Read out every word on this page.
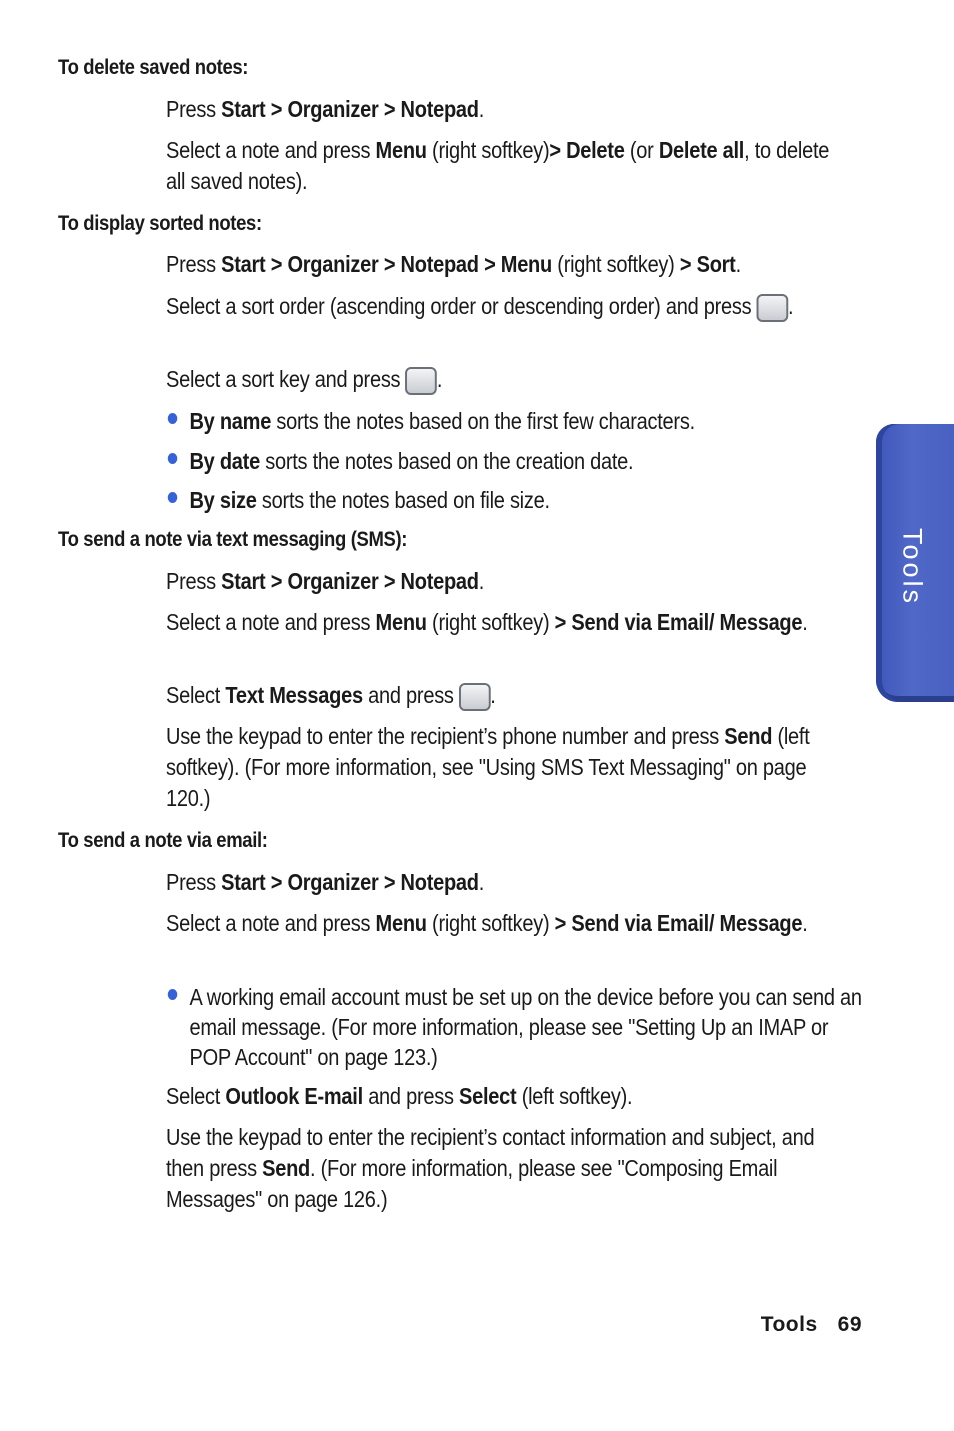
To delete saved notes:
Press Start > Organizer > Notepad.
Select a note and press Menu (right softkey)> Delete (or Delete all, to delete all saved notes).
To display sorted notes:
Press Start > Organizer > Notepad > Menu (right softkey) > Sort.
Select a sort order (ascending order or descending order) and press .
Select a sort key and press .
By name sorts the notes based on the first few characters.
By date sorts the notes based on the creation date.
By size sorts the notes based on file size.
To send a note via text messaging (SMS):
Press Start > Organizer > Notepad.
Select a note and press Menu (right softkey) > Send via Email/ Message.
Select Text Messages and press .
Use the keypad to enter the recipient’s phone number and press Send (left softkey). (For more information, see "Using SMS Text Messaging" on page 120.)
To send a note via email:
Press Start > Organizer > Notepad.
Select a note and press Menu (right softkey) > Send via Email/ Message.
A working email account must be set up on the device before you can send an email message. (For more information, please see "Setting Up an IMAP or POP Account" on page 123.)
Select Outlook E-mail and press Select (left softkey).
Use the keypad to enter the recipient’s contact information and subject, and then press Send. (For more information, please see "Composing Email Messages" on page 126.)
Tools
Tools 69
